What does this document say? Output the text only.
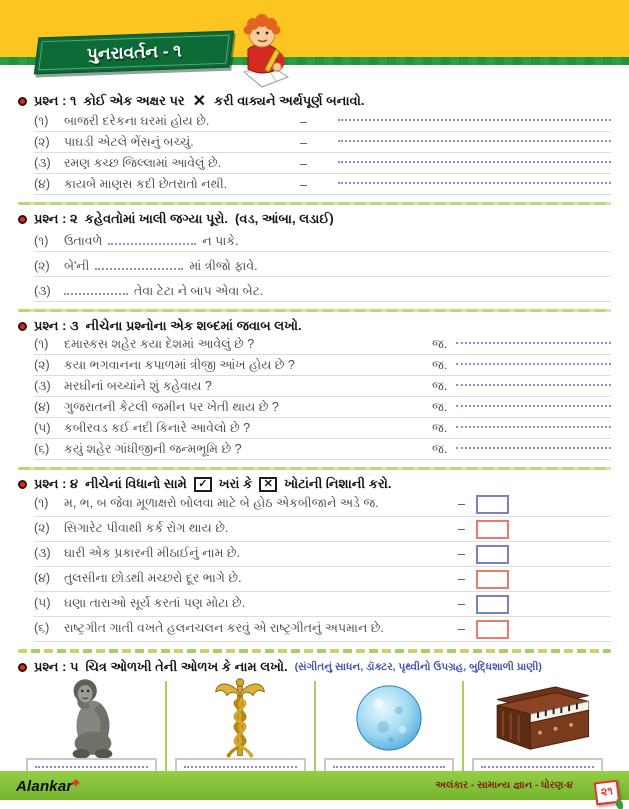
પુનરાવર્તન - ૧
પ્રશ્ન : ૧ કોઈ એક અક્ષર પર ✕ કરી વાક્યને અર્થપૂર્ણ બનાવો.
(૧)	બાજરી દરેકના ઘરમાં હોય છે.	–
(૨)	પાઘડી એટલે ભેંસનું બચ્ચું.	–
(૩)	રમણ કચ્છ જિલ્લામાં આવેલું છે.	–
(૪)	કાયબે માણસ કદી છેતરાતો નથી.	–
પ્રશ્ન : ૨ કહેવતોમાં ખાલી જગ્યા પૂરો. (વડ, આંબા, લડાઈ)
(૧)	ઉતાવળે	ન પાકે.
(૨)	બે'ની	માં ત્રીજો ફાવે.
(૩)	તેવા ટેટા ને બાપ એવા બેટ.
પ્રશ્ન : ૩ નીચેના પ્રશ્નોના એક શબ્દમાં જવાબ લખો.
(૧)	દમાસ્કસ શહેર કયા દેશમાં આવેલું છે ?	જ.
(૨)	કયા ભગવાનના કપાળમાં ત્રીજી આંખ હોય છે ?	જ.
(૩)	મરઘીનાં બચ્ચાંને શું કહેવાય ?	જ.
(૪)	ગુજરાતની કેટલી જમીન પર ખેતી થાય છે ?	જ.
(૫)	કબીરવડ કઈ નદી કિનારે આવેલો છે ?	જ.
(૬)	કયું શહેર ગાંધીજીની જન્મભૂમિ છે ?	જ.
પ્રશ્ન : ૪ નીચેનાં વિધાનો સામે	✓ ખરાં કે	✕ ખોટાંની નિશાની કરો.
(૧)	મ, ભ, બ જેવા મૂળાક્ષરો બોલવા માટે બે હોઠ એકબીજાને અડે જ.	–
(૨)	સિગારેટ પીવાથી કર્ક રોગ થાય છે.	–
(૩)	ઘારી એક પ્રકારની મીઠાઈનું નામ છે.	–
(૪)	તુલસીના છોડથી મચ્છરો દૂર ભાગે છે.	–
(૫)	ઘણા તારાઓ સૂર્ય કરતાં પણ મોટા છે.	–
(૬)	રાષ્ટ્રગીત ગાતી વખતે હલનચલન કરવું એ રાષ્ટ્રગીતનું અપમાન છે.	–
પ્રશ્ન : ૫ ચિત્ર ઓળખી તેની ઓળખ કે નામ લખો. (સંગીતનું સાધન, ડૉક્ટર, પૃથ્વીનો ઉપગ્રહ, બુદ્ધિશાળી પ્રાણી)
Alankar◆	અલંકાર - સામાન્ય જ્ઞાન - ધોરણ-૪ ૨૧
